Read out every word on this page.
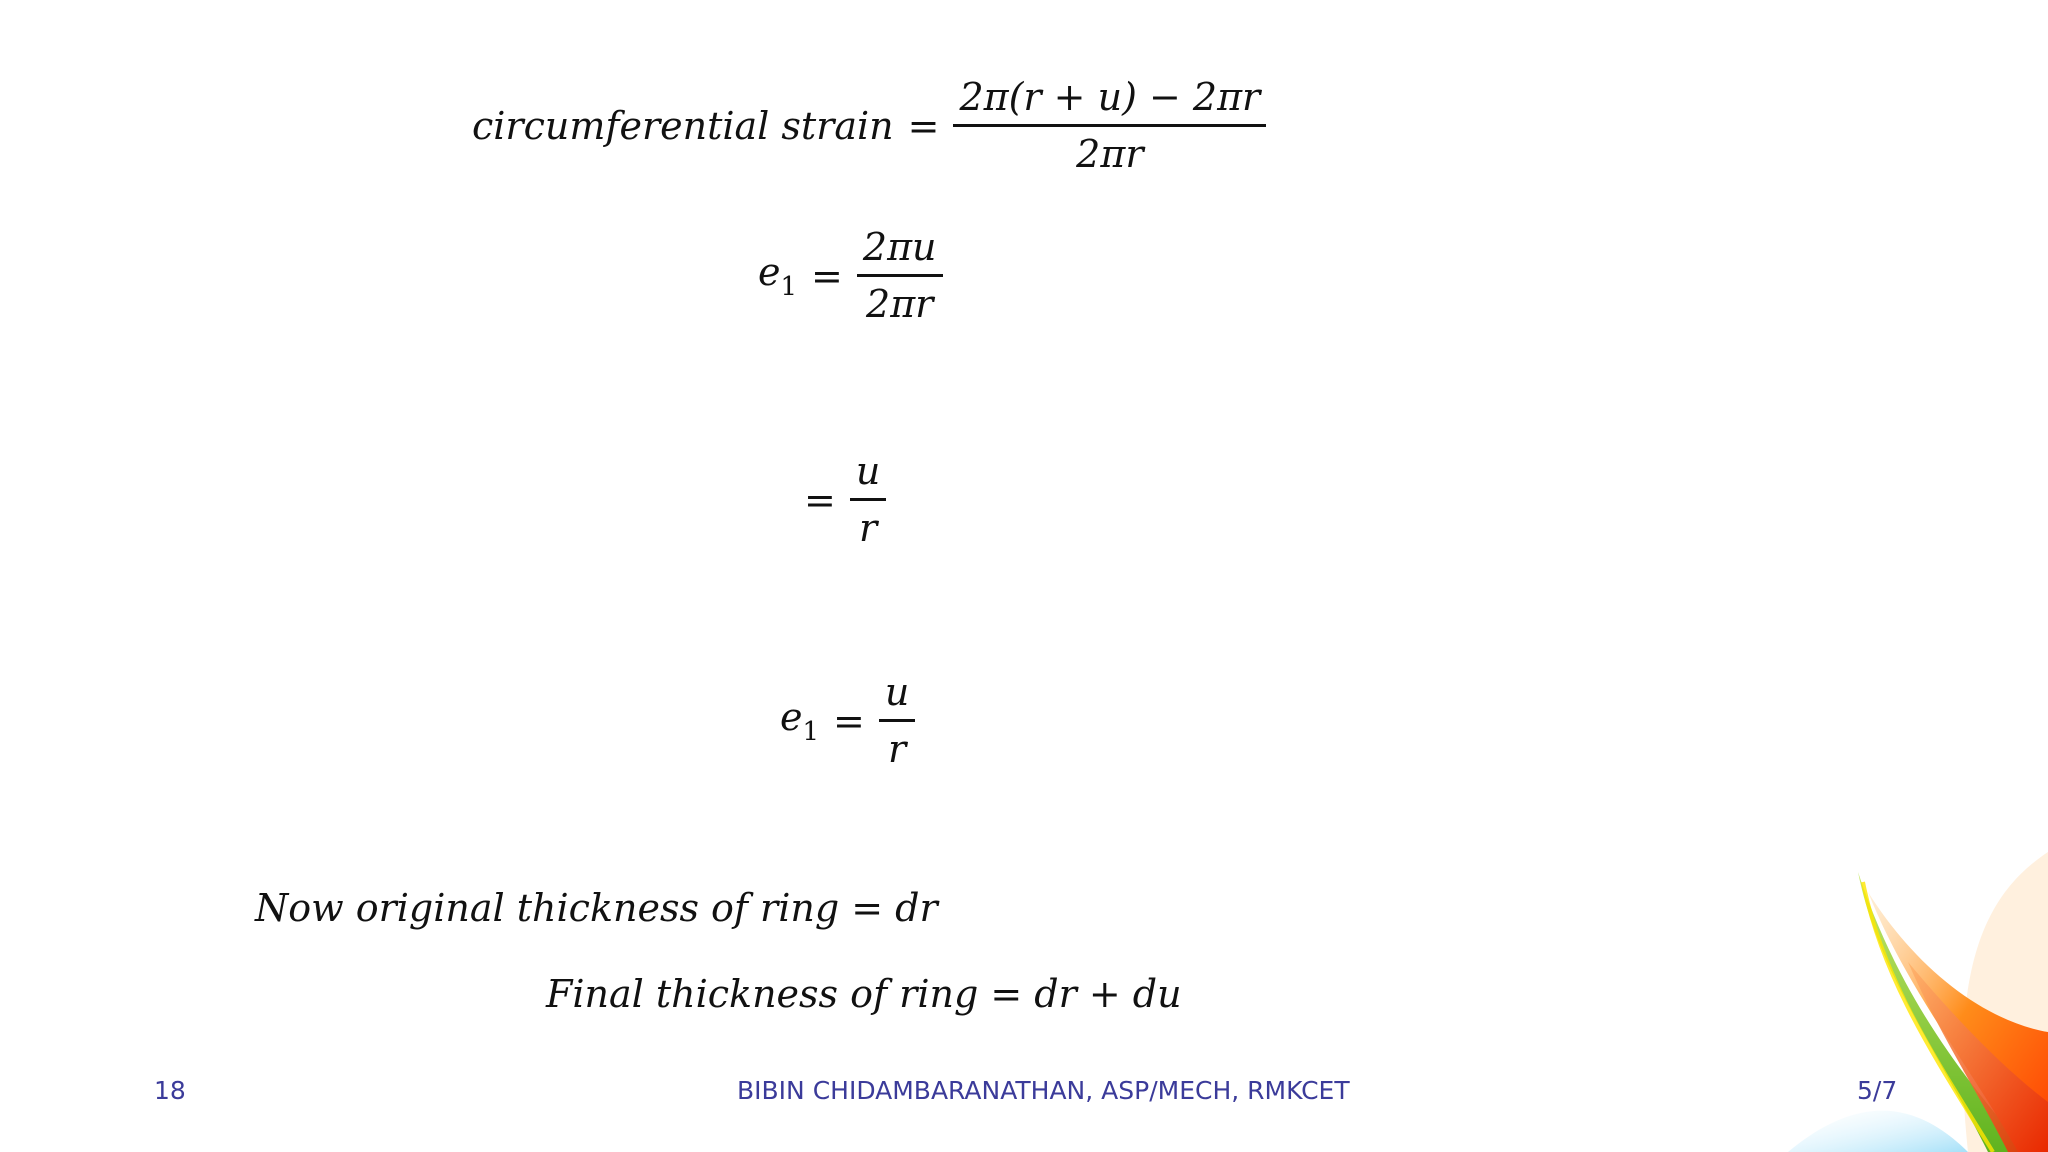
circumferential strain = $\frac{2\pi(r + u) - 2\pi r}{2\pi r}$
$e_1 = \frac{2\pi u}{2\pi r}$
= $\frac{u}{r}$
$e_1 = \frac{u}{r}$
Now original thickness of ring = dr
Final thickness of ring = dr + du
18	BIBIN CHIDAMBARANATHAN, ASP/MECH, RMKCET	5/7
